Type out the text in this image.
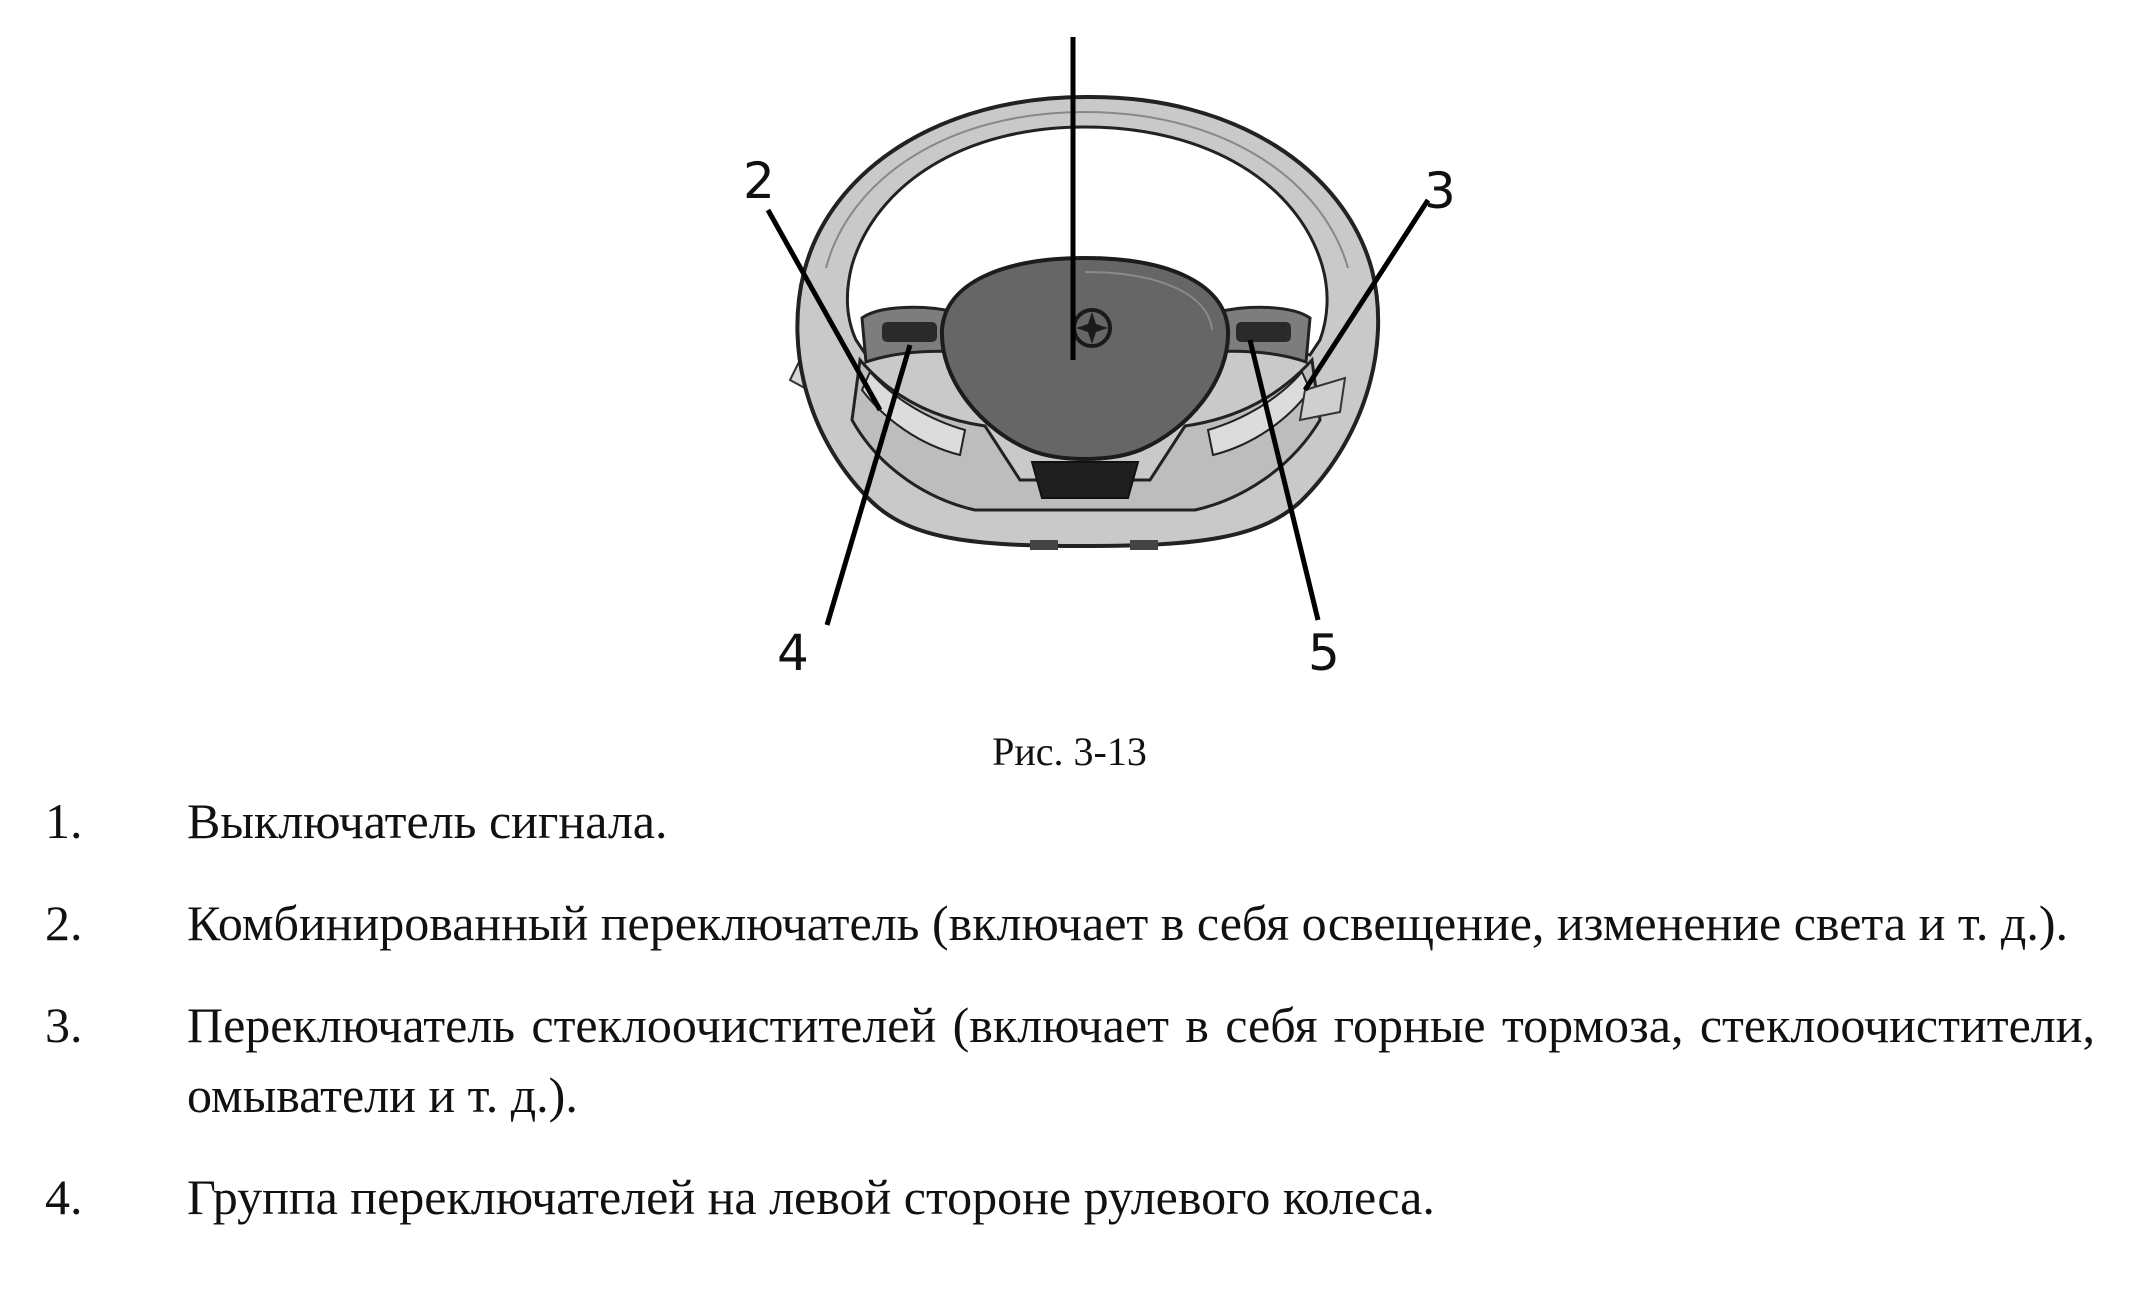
2	3
4	5
Рис. 3-13
1. Выключатель сигнала.
2. Комбинированный переключатель (включает в себя освещение, изменение света и т. д.).
3. Переключатель стеклоочистителей (включает в себя горные тормоза, стеклоочистители, омыватели и т. д.).
4. Группа переключателей на левой стороне рулевого колеса.
